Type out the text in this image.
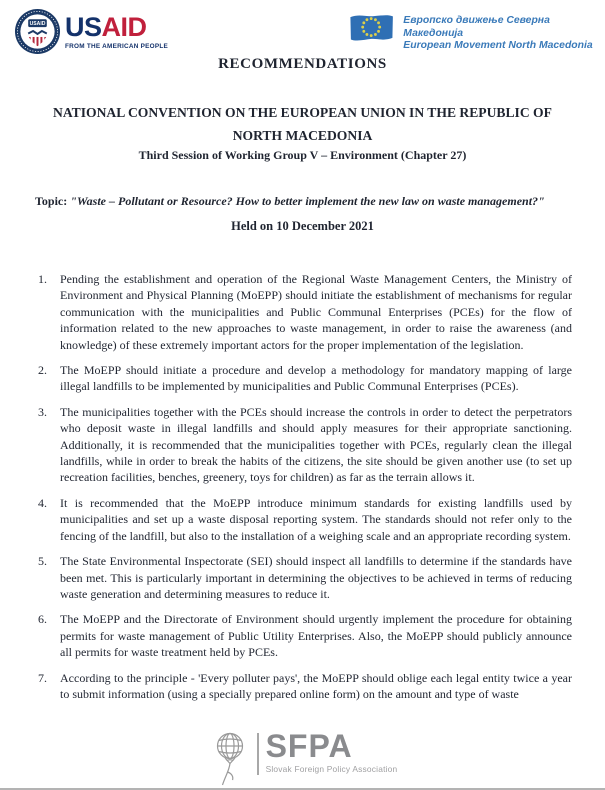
USAID USAID
FROM THE AMERICAN PEOPLE
Европско движење Северна Македонија
European Movement North Macedonia
RECOMMENDATIONS
NATIONAL CONVENTION ON THE EUROPEAN UNION IN THE REPUBLIC OF
NORTH MACEDONIA
Third Session of Working Group V – Environment (Chapter 27)
Topic: "Waste – Pollutant or Resource? How to better implement the new law on waste management?"
Held on 10 December 2021
Pending the establishment and operation of the Regional Waste Management Centers, the Ministry of Environment and Physical Planning (MoEPP) should initiate the establishment of mechanisms for regular communication with the municipalities and Public Communal Enterprises (PCEs) for the flow of information related to the new approaches to waste management, in order to raise the awareness (and knowledge) of these extremely important actors for the proper implementation of the legislation.
The MoEPP should initiate a procedure and develop a methodology for mandatory mapping of large illegal landfills to be implemented by municipalities and Public Communal Enterprises (PCEs).
The municipalities together with the PCEs should increase the controls in order to detect the perpetrators who deposit waste in illegal landfills and should apply measures for their appropriate sanctioning. Additionally, it is recommended that the municipalities together with PCEs, regularly clean the illegal landfills, while in order to break the habits of the citizens, the site should be given another use (to set up recreation facilities, benches, greenery, toys for children) as far as the terrain allows it.
It is recommended that the MoEPP introduce minimum standards for existing landfills used by municipalities and set up a waste disposal reporting system. The standards should not refer only to the fencing of the landfill, but also to the installation of a weighing scale and an appropriate recording system.
The State Environmental Inspectorate (SEI) should inspect all landfills to determine if the standards have been met. This is particularly important in determining the objectives to be achieved in terms of reducing waste generation and determining measures to reduce it.
The MoEPP and the Directorate of Environment should urgently implement the procedure for obtaining permits for waste management of Public Utility Enterprises. Also, the MoEPP should publicly announce all permits for waste treatment held by PCEs.
According to the principle - 'Every polluter pays', the MoEPP should oblige each legal entity twice a year to submit information (using a specially prepared online form) on the amount and type of waste
SFPA
Slovak Foreign Policy Association
